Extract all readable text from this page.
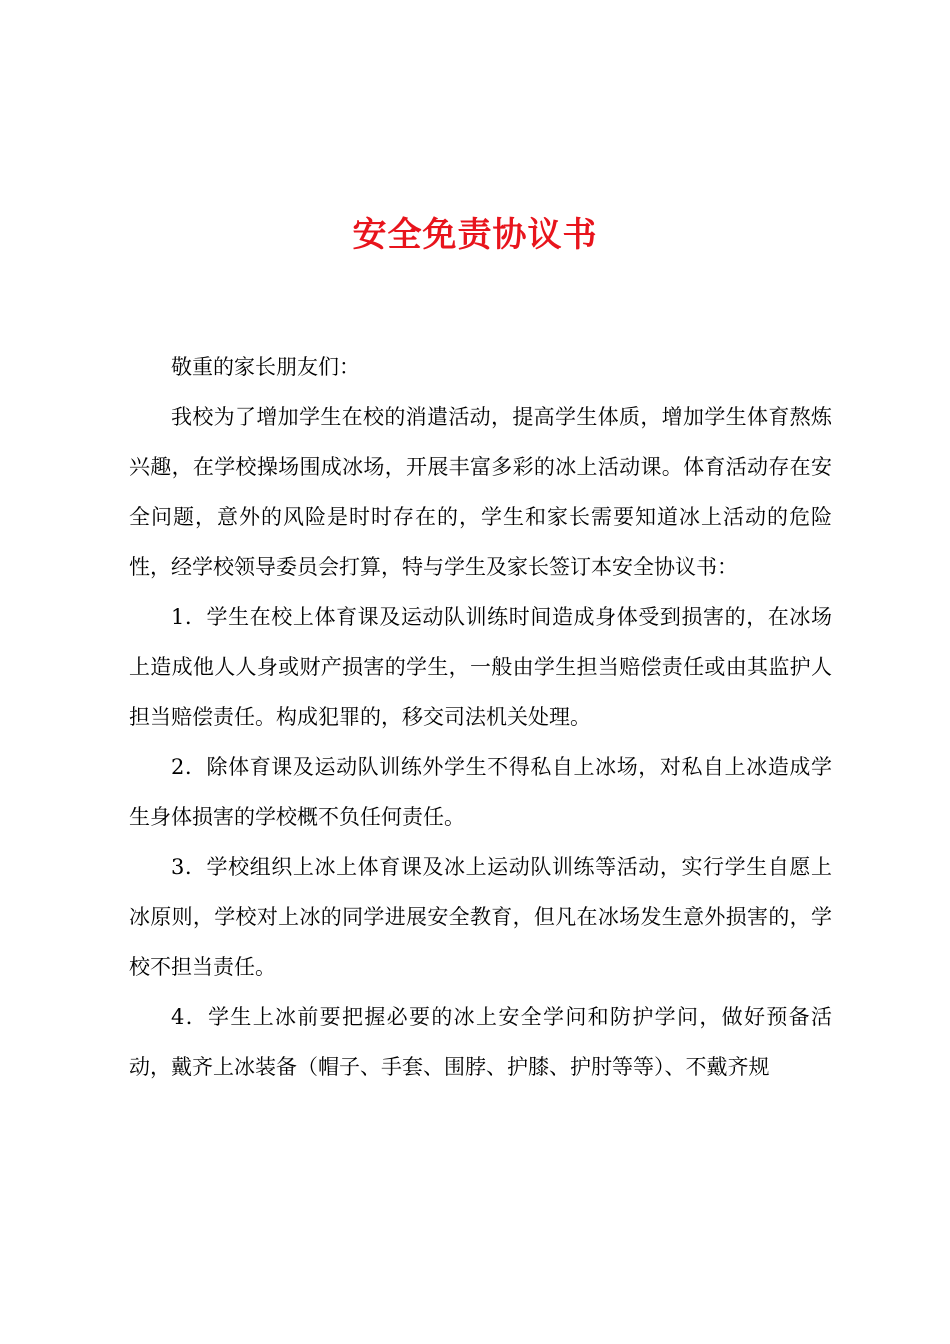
安全免责协议书

敬重的家长朋友们：

我校为了增加学生在校的消遣活动，提高学生体质，增加学生体育熬炼兴趣，在学校操场围成冰场，开展丰富多彩的冰上活动课。体育活动存在安全问题，意外的风险是时时存在的，学生和家长需要知道冰上活动的危险性，经学校领导委员会打算，特与学生及家长签订本安全协议书：

1．学生在校上体育课及运动队训练时间造成身体受到损害的，在冰场上造成他人人身或财产损害的学生，一般由学生担当赔偿责任或由其监护人担当赔偿责任。构成犯罪的，移交司法机关处理。

2．除体育课及运动队训练外学生不得私自上冰场，对私自上冰造成学生身体损害的学校概不负任何责任。

3．学校组织上冰上体育课及冰上运动队训练等活动，实行学生自愿上冰原则，学校对上冰的同学进展安全教育，但凡在冰场发生意外损害的，学校不担当责任。

4．学生上冰前要把握必要的冰上安全学问和防护学问，做好预备活动，戴齐上冰装备（帽子、手套、围脖、护膝、护肘等等）、不戴齐规
